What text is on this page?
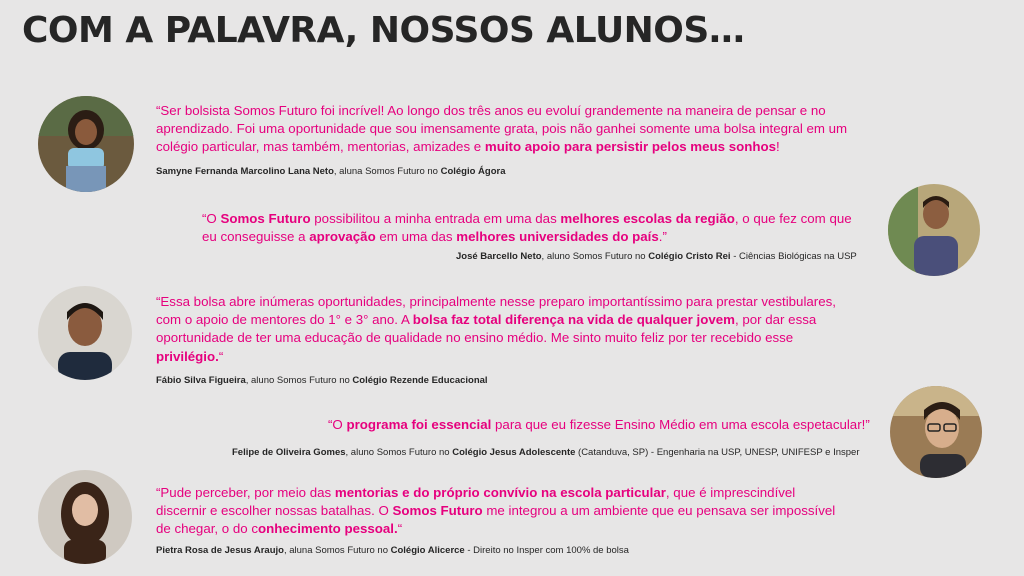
COM A PALAVRA, NOSSOS ALUNOS…
“Ser bolsista Somos Futuro foi incrível! Ao longo dos três anos eu evoluí grandemente na maneira de pensar e no aprendizado. Foi uma oportunidade que sou imensamente grata, pois não ganhei somente uma bolsa integral em um colégio particular, mas também, mentorias, amizades e muito apoio para persistir pelos meus sonhos!
Samyne Fernanda Marcolino Lana Neto, aluna Somos Futuro no Colégio Ágora
“O Somos Futuro possibilitou a minha entrada em uma das melhores escolas da região, o que fez com que eu conseguisse a aprovação em uma das melhores universidades do país.”
José Barcello Neto, aluno Somos Futuro no Colégio Cristo Rei - Ciências Biológicas na USP
“Essa bolsa abre inúmeras oportunidades, principalmente nesse preparo importantíssimo para prestar vestibulares, com o apoio de mentores do 1° e 3° ano. A bolsa faz total diferença na vida de qualquer jovem, por dar essa oportunidade de ter uma educação de qualidade no ensino médio. Me sinto muito feliz por ter recebido esse privilégio.“
Fábio Silva Figueira, aluno Somos Futuro no Colégio Rezende Educacional
“O programa foi essencial para que eu fizesse Ensino Médio em uma escola espetacular!”
Felipe de Oliveira Gomes, aluno Somos Futuro no Colégio Jesus Adolescente (Catanduva, SP) - Engenharia na USP, UNESP, UNIFESP e Insper
“Pude perceber, por meio das mentorias e do próprio convívio na escola particular, que é imprescindível discernir e escolher nossas batalhas. O Somos Futuro me integrou a um ambiente que eu pensava ser impossível de chegar, o do conhecimento pessoal.“
Pietra Rosa de Jesus Araujo, aluna Somos Futuro no Colégio Alicerce - Direito no Insper com 100% de bolsa
